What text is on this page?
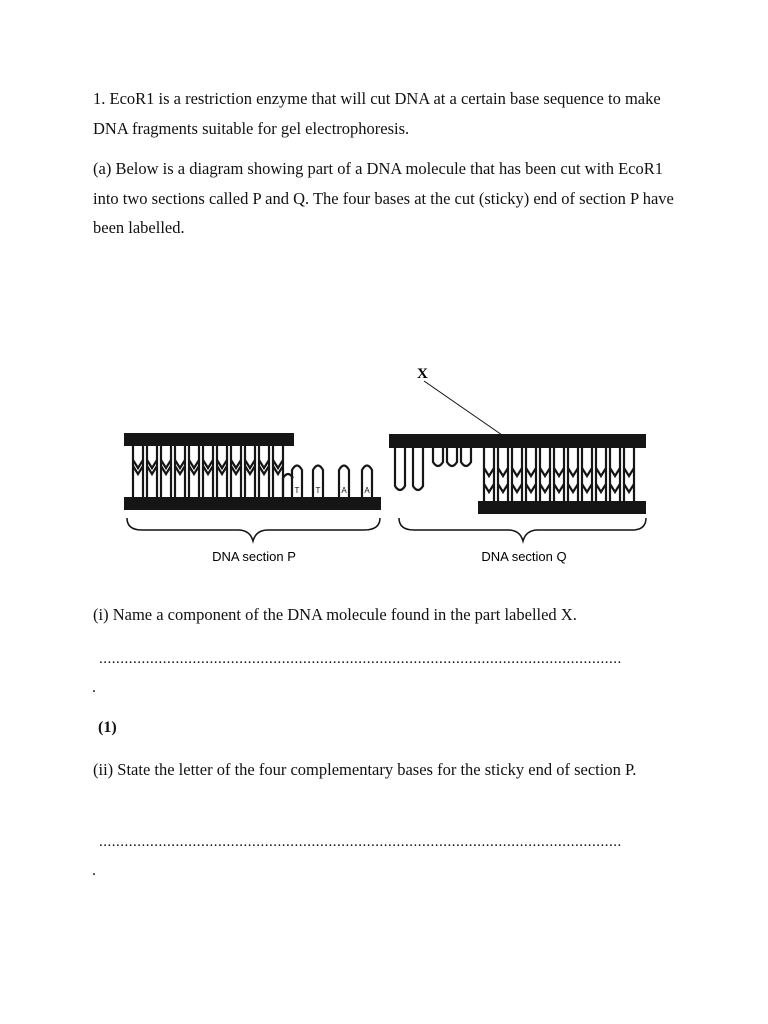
1. EcoR1 is a restriction enzyme that will cut DNA at a certain base sequence to make DNA fragments suitable for gel electrophoresis.

(a) Below is a diagram showing part of a DNA molecule that has been cut with EcoR1 into two sections called P and Q. The four bases at the cut (sticky) end of section P have been labelled.

X
T T	A A
DNA section P	DNA section Q

(i) Name a component of the DNA molecule found in the part labelled X.

...........................................................................................................................
.
(1)

(ii) State the letter of the four complementary bases for the sticky end of section P.

...........................................................................................................................
.
